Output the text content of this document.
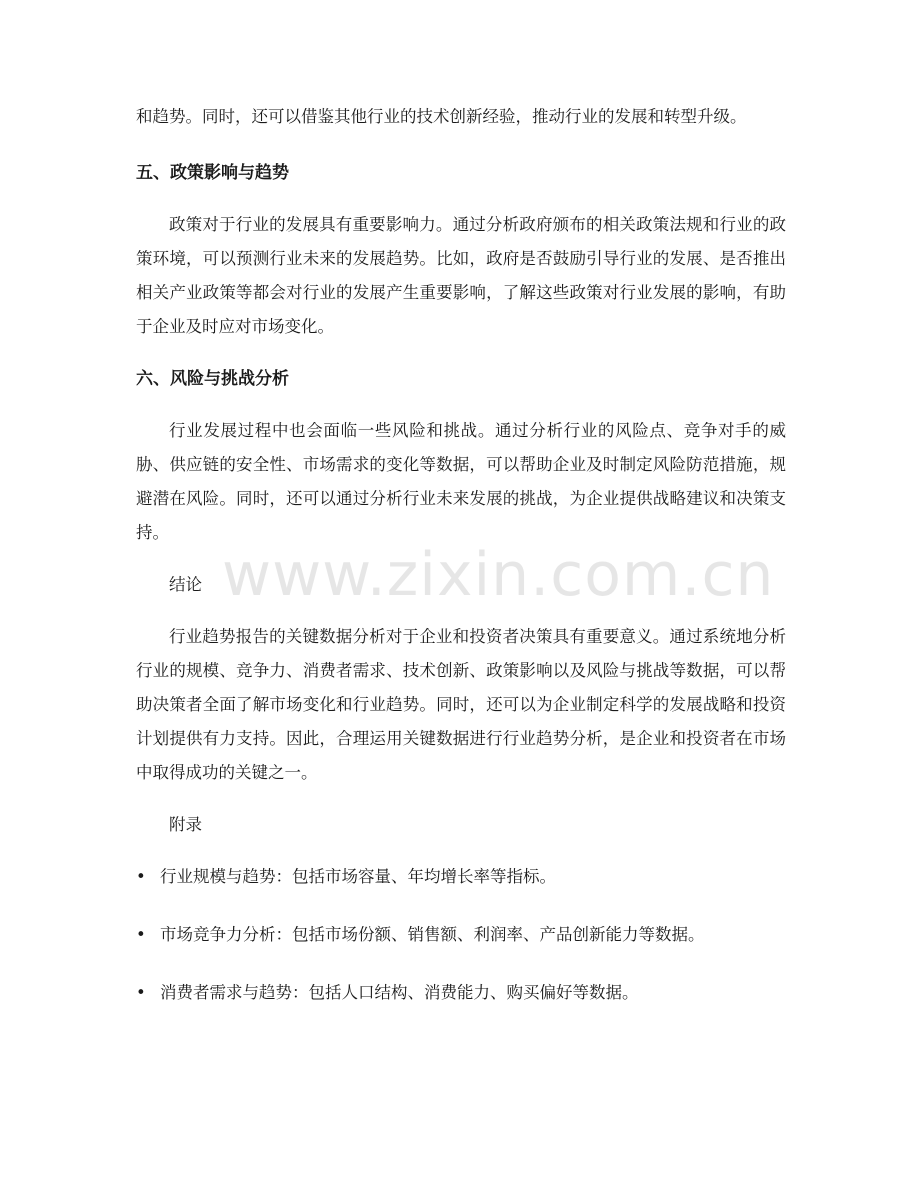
和趋势。同时，还可以借鉴其他行业的技术创新经验，推动行业的发展和转型升级。

五、政策影响与趋势

政策对于行业的发展具有重要影响力。通过分析政府颁布的相关政策法规和行业的政策环境，可以预测行业未来的发展趋势。比如，政府是否鼓励引导行业的发展、是否推出相关产业政策等都会对行业的发展产生重要影响，了解这些政策对行业发展的影响，有助于企业及时应对市场变化。

六、风险与挑战分析

行业发展过程中也会面临一些风险和挑战。通过分析行业的风险点、竞争对手的威胁、供应链的安全性、市场需求的变化等数据，可以帮助企业及时制定风险防范措施，规避潜在风险。同时，还可以通过分析行业未来发展的挑战，为企业提供战略建议和决策支持。

结论

行业趋势报告的关键数据分析对于企业和投资者决策具有重要意义。通过系统地分析行业的规模、竞争力、消费者需求、技术创新、政策影响以及风险与挑战等数据，可以帮助决策者全面了解市场变化和行业趋势。同时，还可以为企业制定科学的发展战略和投资计划提供有力支持。因此，合理运用关键数据进行行业趋势分析，是企业和投资者在市场中取得成功的关键之一。

附录
• 行业规模与趋势：包括市场容量、年均增长率等指标。
• 市场竞争力分析：包括市场份额、销售额、利润率、产品创新能力等数据。
• 消费者需求与趋势：包括人口结构、消费能力、购买偏好等数据。
www.zixin.com.cn
